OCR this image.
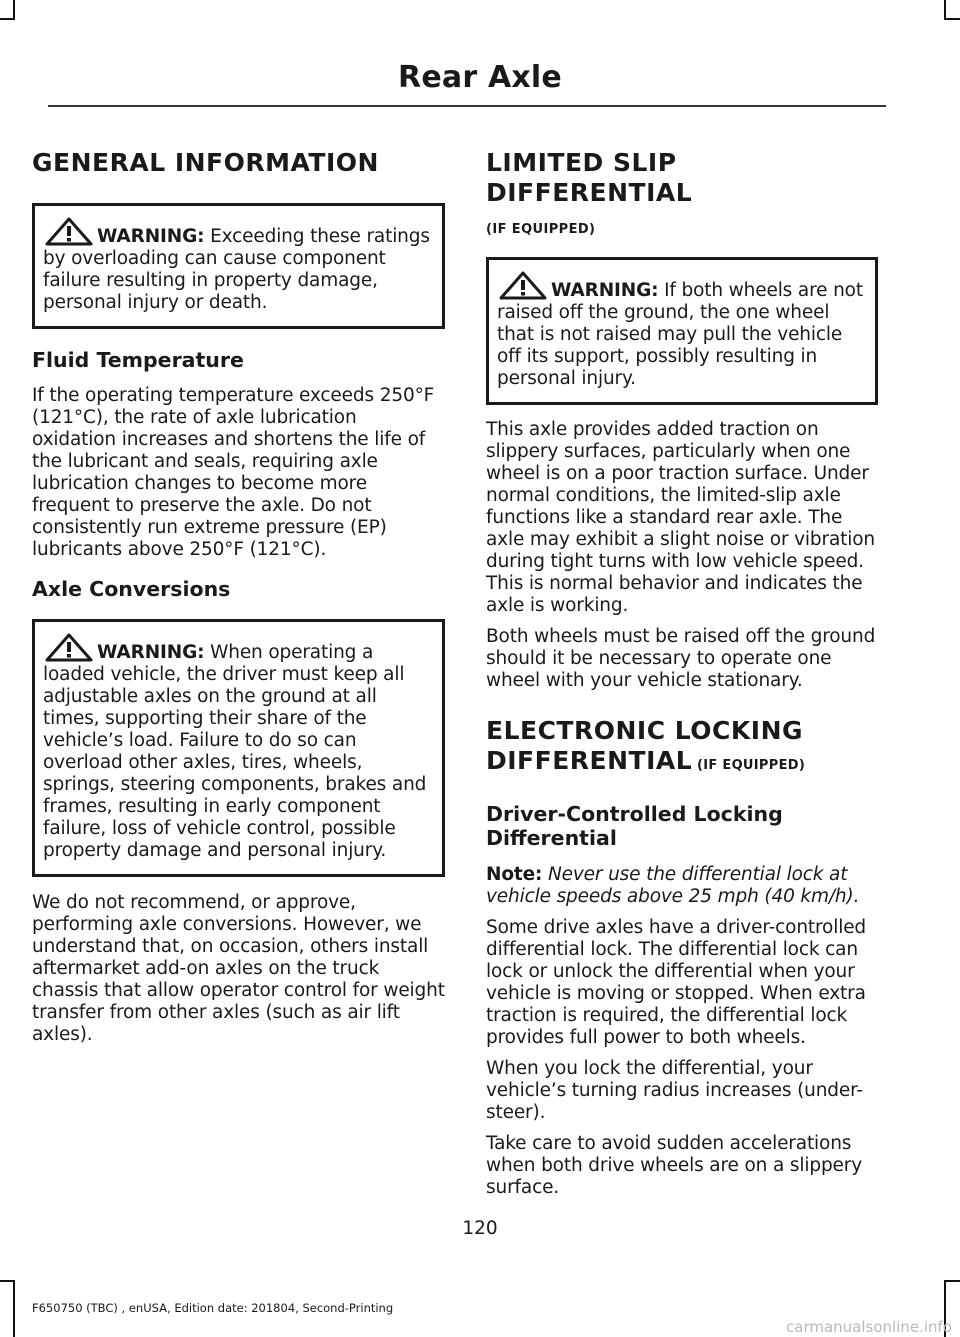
Rear Axle
GENERAL INFORMATION
WARNING: Exceeding these ratings by overloading can cause component failure resulting in property damage, personal injury or death.
Fluid Temperature

If the operating temperature exceeds 250°F (121°C), the rate of axle lubrication oxidation increases and shortens the life of the lubricant and seals, requiring axle lubrication changes to become more frequent to preserve the axle. Do not consistently run extreme pressure (EP) lubricants above 250°F (121°C).

Axle Conversions
WARNING: When operating a loaded vehicle, the driver must keep all adjustable axles on the ground at all times, supporting their share of the vehicle’s load. Failure to do so can overload other axles, tires, wheels, springs, steering components, brakes and frames, resulting in early component failure, loss of vehicle control, possible property damage and personal injury.

We do not recommend, or approve, performing axle conversions. However, we understand that, on occasion, others install aftermarket add-on axles on the truck chassis that allow operator control for weight transfer from other axles (such as air lift axles).

LIMITED SLIP DIFFERENTIAL
(IF EQUIPPED)
WARNING: If both wheels are not raised off the ground, the one wheel that is not raised may pull the vehicle off its support, possibly resulting in personal injury.

This axle provides added traction on slippery surfaces, particularly when one wheel is on a poor traction surface. Under normal conditions, the limited-slip axle functions like a standard rear axle. The axle may exhibit a slight noise or vibration during tight turns with low vehicle speed. This is normal behavior and indicates the axle is working.

Both wheels must be raised off the ground should it be necessary to operate one wheel with your vehicle stationary.

ELECTRONIC LOCKING
DIFFERENTIAL (IF EQUIPPED)
Driver-Controlled Locking Differential

Note: Never use the differential lock at vehicle speeds above 25 mph (40 km/h).

Some drive axles have a driver-controlled differential lock. The differential lock can lock or unlock the differential when your vehicle is moving or stopped. When extra traction is required, the differential lock provides full power to both wheels.

When you lock the differential, your vehicle’s turning radius increases (under-steer).

Take care to avoid sudden accelerations when both drive wheels are on a slippery surface.

120
F650750 (TBC) , enUSA, Edition date: 201804, Second-Printing
carmanualsonline.info
